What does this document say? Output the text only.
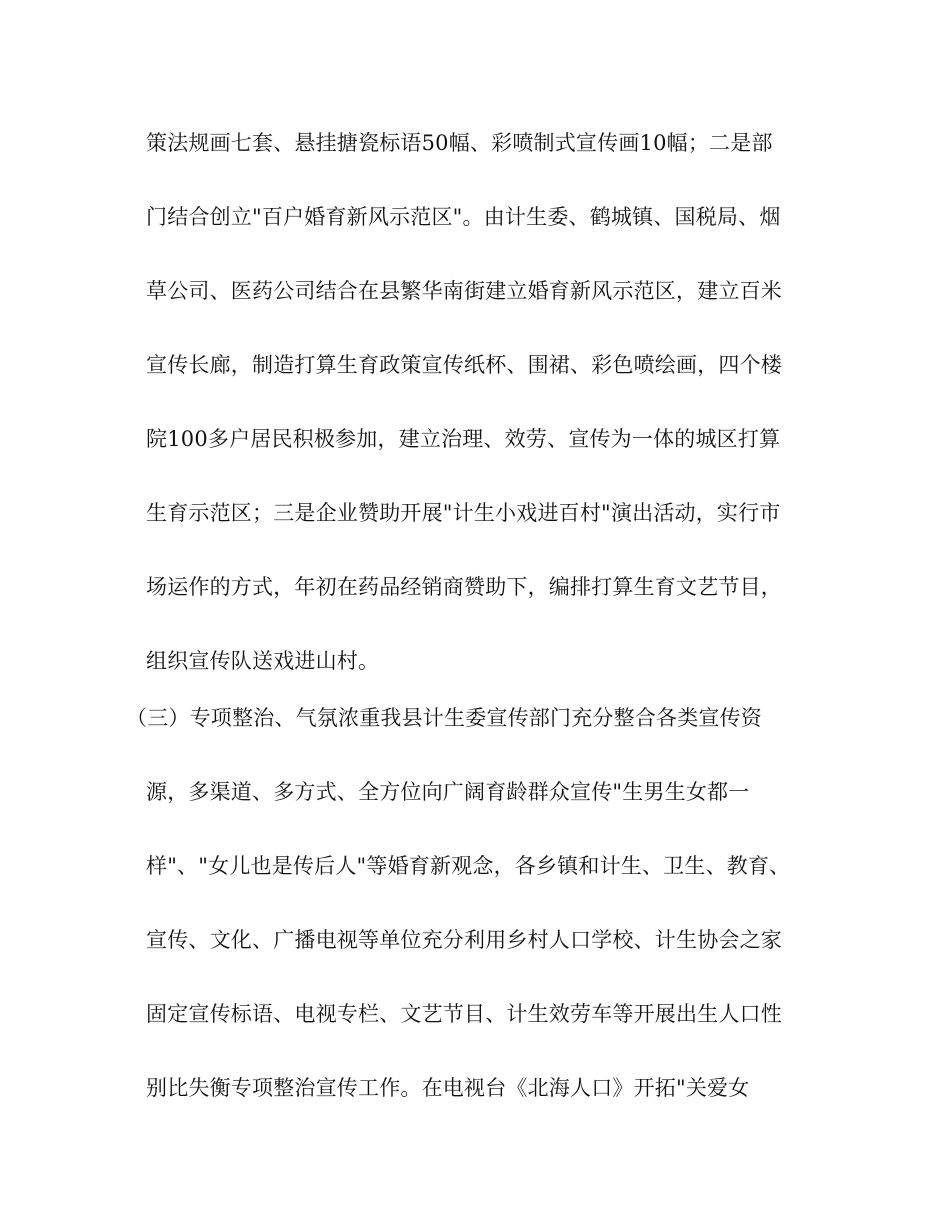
策法规画七套、悬挂搪瓷标语50幅、彩喷制式宣传画10幅；二是部
门结合创立"百户婚育新风示范区"。由计生委、鹤城镇、国税局、烟
草公司、医药公司结合在县繁华南街建立婚育新风示范区，建立百米
宣传长廊，制造打算生育政策宣传纸杯、围裙、彩色喷绘画，四个楼
院100多户居民积极参加，建立治理、效劳、宣传为一体的城区打算
生育示范区；三是企业赞助开展"计生小戏进百村"演出活动，实行市
场运作的方式，年初在药品经销商赞助下，编排打算生育文艺节目，
组织宣传队送戏进山村。
（三）专项整治、气氛浓重我县计生委宣传部门充分整合各类宣传资
源，多渠道、多方式、全方位向广阔育龄群众宣传"生男生女都一
样"、"女儿也是传后人"等婚育新观念，各乡镇和计生、卫生、教育、
宣传、文化、广播电视等单位充分利用乡村人口学校、计生协会之家
固定宣传标语、电视专栏、文艺节目、计生效劳车等开展出生人口性
别比失衡专项整治宣传工作。在电视台《北海人口》开拓"关爱女
